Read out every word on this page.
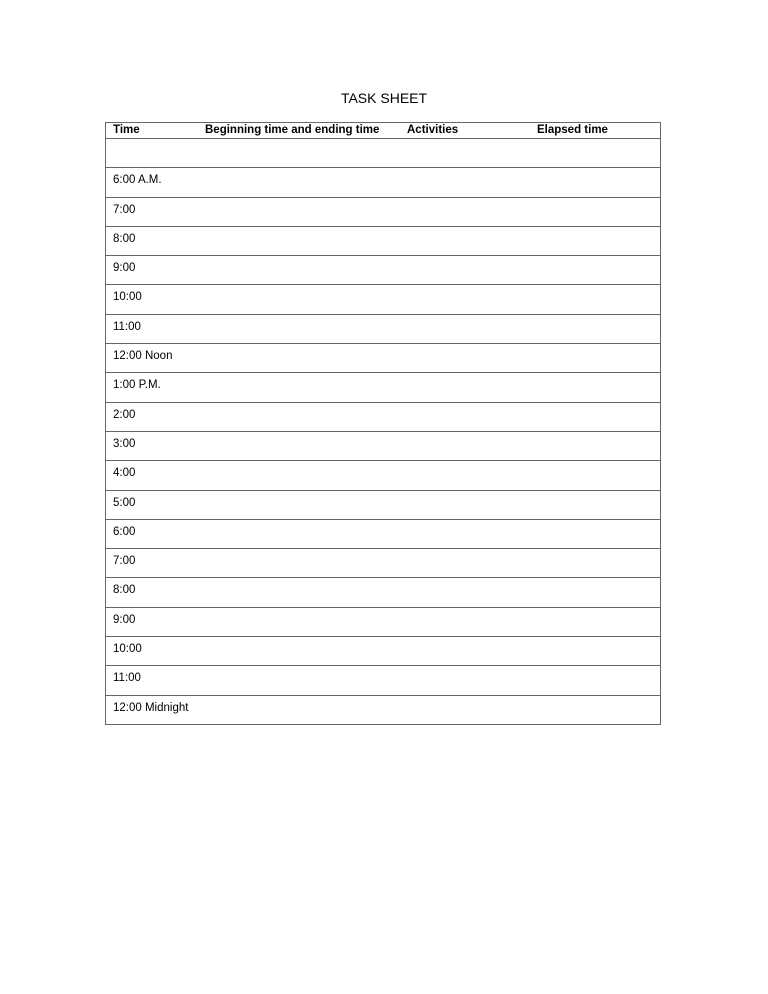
TASK SHEET
Time	Beginning time and ending time Activities	Elapsed time
6:00 A.M.
7:00
8:00
9:00
10:00
11:00
12:00 Noon
1:00 P.M.
2:00
3:00
4:00
5:00
6:00
7:00
8:00
9:00
10:00
11:00
12:00 Midnight
